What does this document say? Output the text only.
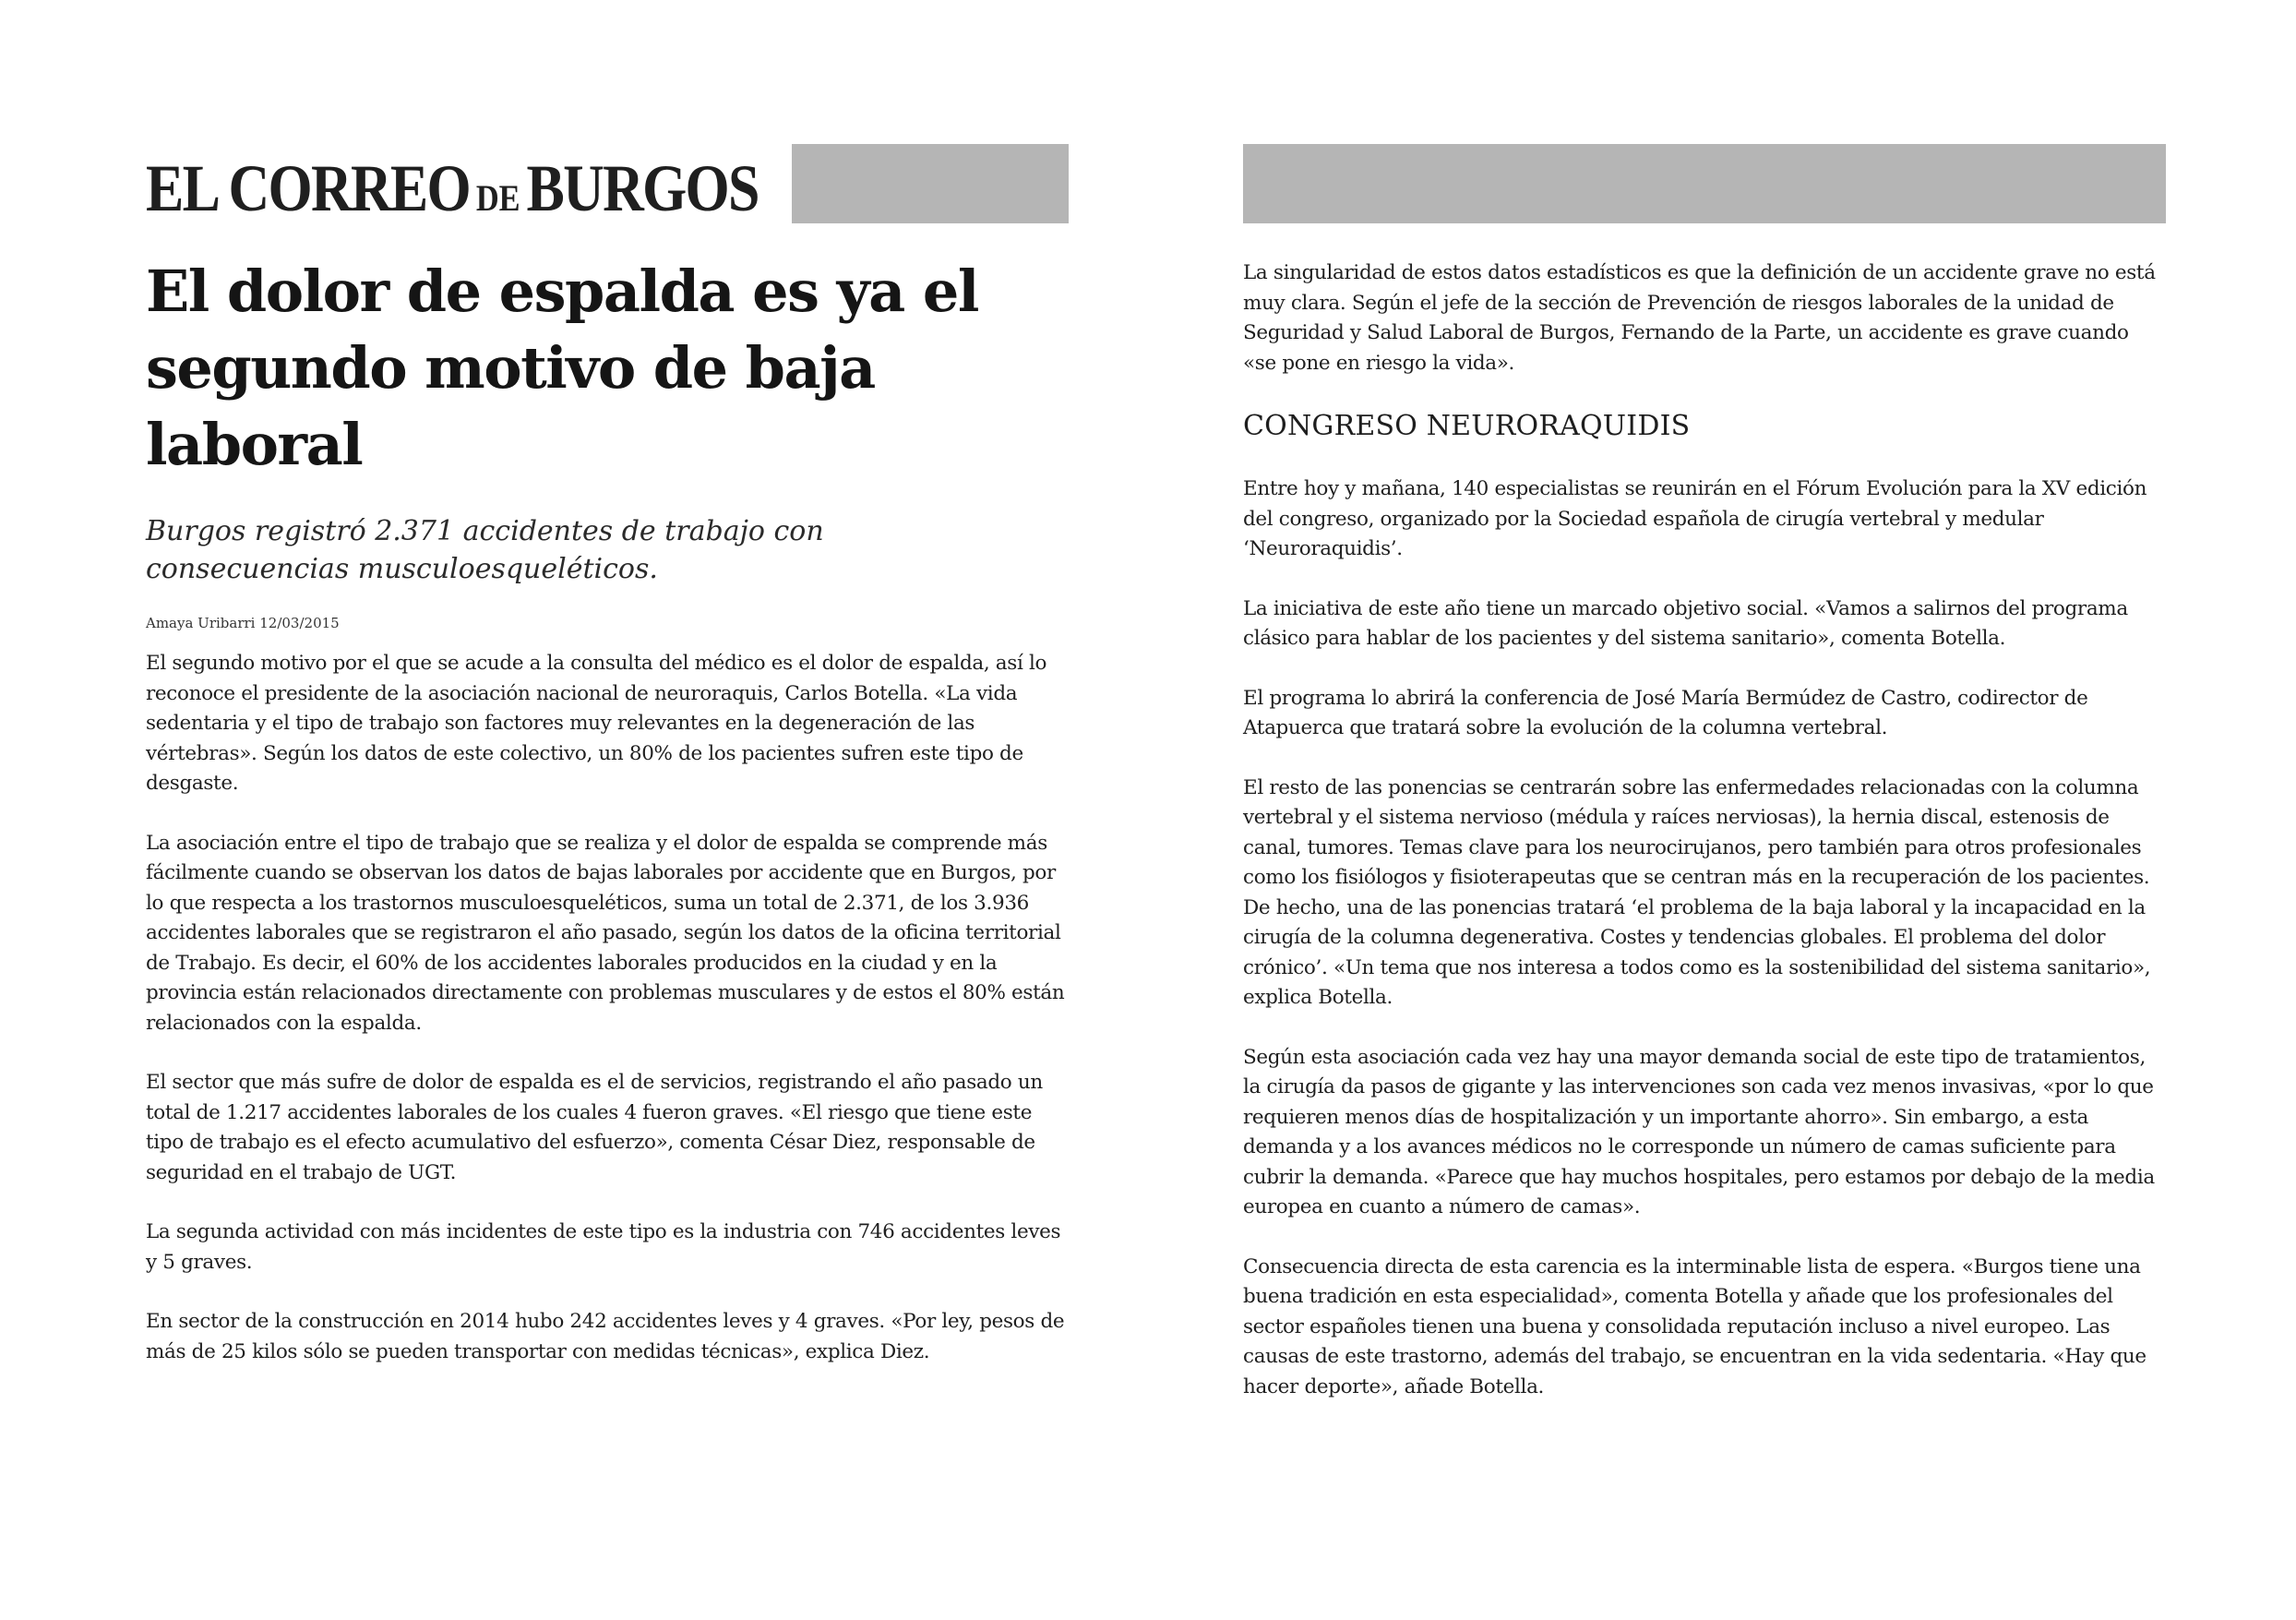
EL CORREO DEBURGOS
El dolor de espalda es ya el segundo motivo de baja laboral
Burgos registró 2.371 accidentes de trabajo con consecuencias musculoesqueléticos.
Amaya Uribarri 12/03/2015

El segundo motivo por el que se acude a la consulta del médico es el dolor de espalda, así lo reconoce el presidente de la asociación nacional de neuroraquis, Carlos Botella. «La vida sedentaria y el tipo de trabajo son factores muy relevantes en la degeneración de las vértebras». Según los datos de este colectivo, un 80% de los pacientes sufren este tipo de desgaste.

La asociación entre el tipo de trabajo que se realiza y el dolor de espalda se comprende más fácilmente cuando se observan los datos de bajas laborales por accidente que en Burgos, por lo que respecta a los trastornos musculoesqueléticos, suma un total de 2.371, de los 3.936 accidentes laborales que se registraron el año pasado, según los datos de la oficina territorial de Trabajo. Es decir, el 60% de los accidentes laborales producidos en la ciudad y en la provincia están relacionados directamente con problemas musculares y de estos el 80% están relacionados con la espalda.

El sector que más sufre de dolor de espalda es el de servicios, registrando el año pasado un total de 1.217 accidentes laborales de los cuales 4 fueron graves. «El riesgo que tiene este tipo de trabajo es el efecto acumulativo del esfuerzo», comenta César Diez, responsable de seguridad en el trabajo de UGT.

La segunda actividad con más incidentes de este tipo es la industria con 746 accidentes leves y 5 graves.

En sector de la construcción en 2014 hubo 242 accidentes leves y 4 graves. «Por ley, pesos de más de 25 kilos sólo se pueden transportar con medidas técnicas», explica Diez.

La singularidad de estos datos estadísticos es que la definición de un accidente grave no está muy clara. Según el jefe de la sección de Prevención de riesgos laborales de la unidad de Seguridad y Salud Laboral de Burgos, Fernando de la Parte, un accidente es grave cuando «se pone en riesgo la vida».

CONGRESO NEURORAQUIDIS

Entre hoy y mañana, 140 especialistas se reunirán en el Fórum Evolución para la XV edición del congreso, organizado por la Sociedad española de cirugía vertebral y medular ‘Neuroraquidis’.

La iniciativa de este año tiene un marcado objetivo social. «Vamos a salirnos del programa clásico para hablar de los pacientes y del sistema sanitario», comenta Botella.

El programa lo abrirá la conferencia de José María Bermúdez de Castro, codirector de Atapuerca que tratará sobre la evolución de la columna vertebral.

El resto de las ponencias se centrarán sobre las enfermedades relacionadas con la columna vertebral y el sistema nervioso (médula y raíces nerviosas), la hernia discal, estenosis de canal, tumores. Temas clave para los neurocirujanos, pero también para otros profesionales como los fisiólogos y fisioterapeutas que se centran más en la recuperación de los pacientes. De hecho, una de las ponencias tratará ‘el problema de la baja laboral y la incapacidad en la cirugía de la columna degenerativa. Costes y tendencias globales. El problema del dolor crónico’. «Un tema que nos interesa a todos como es la sostenibilidad del sistema sanitario», explica Botella.

Según esta asociación cada vez hay una mayor demanda social de este tipo de tratamientos, la cirugía da pasos de gigante y las intervenciones son cada vez menos invasivas, «por lo que requieren menos días de hospitalización y un importante ahorro». Sin embargo, a esta demanda y a los avances médicos no le corresponde un número de camas suficiente para cubrir la demanda. «Parece que hay muchos hospitales, pero estamos por debajo de la media europea en cuanto a número de camas».

Consecuencia directa de esta carencia es la interminable lista de espera. «Burgos tiene una buena tradición en esta especialidad», comenta Botella y añade que los profesionales del sector españoles tienen una buena y consolidada reputación incluso a nivel europeo. Las causas de este trastorno, además del trabajo, se encuentran en la vida sedentaria. «Hay que hacer deporte», añade Botella.
